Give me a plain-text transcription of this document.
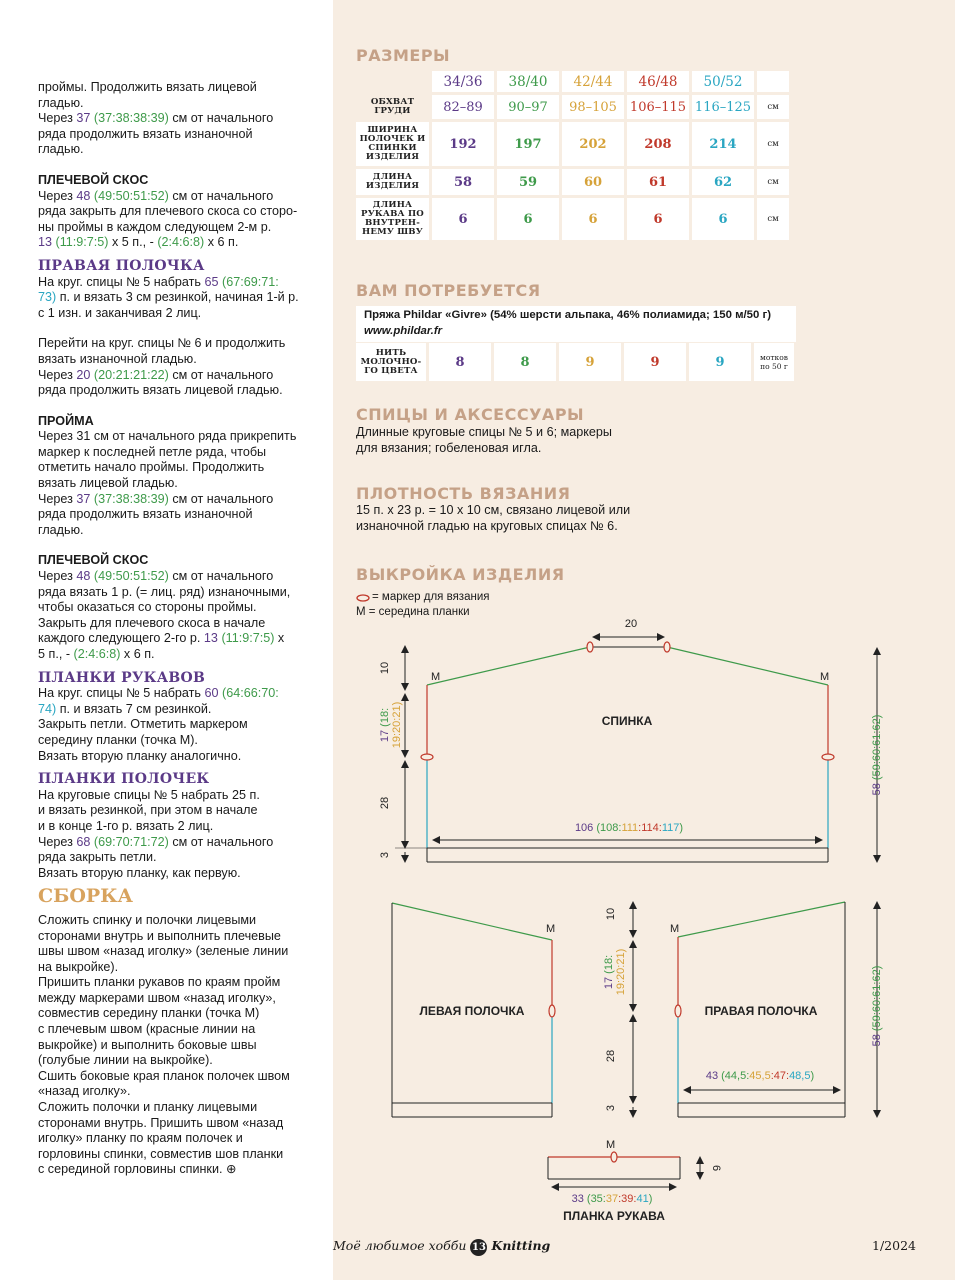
проймы. Продолжить вязать лицевой

гладью.

Через 37 (37:38:38:39) см от начального

ряда продолжить вязать изнаночной

гладью.

ПЛЕЧЕВОЙ СКОС

Через 48 (49:50:51:52) см от начального

ряда закрыть для плечевого скоса со сторо-

ны проймы в каждом следующем 2-м р.

13 (11:9:7:5) х 5 п., - (2:4:6:8) х 6 п.

ПРАВАЯ ПОЛОЧКА

На круг. спицы № 5 набрать 65 (67:69:71:

73) п. и вязать 3 см резинкой, начиная 1-й р.

с 1 изн. и заканчивая 2 лиц.

Перейти на круг. спицы № 6 и продолжить

вязать изнаночной гладью.

Через 20 (20:21:21:22) см от начального

ряда продолжить вязать лицевой гладью.

ПРОЙМА

Через 31 см от начального ряда прикрепить

маркер к последней петле ряда, чтобы

отметить начало проймы. Продолжить

вязать лицевой гладью.

Через 37 (37:38:38:39) см от начального

ряда продолжить вязать изнаночной

гладью.

ПЛЕЧЕВОЙ СКОС

Через 48 (49:50:51:52) см от начального

ряда вязать 1 р. (= лиц. ряд) изнаночными,

чтобы оказаться со стороны проймы.

Закрыть для плечевого скоса в начале

каждого следующего 2-го р. 13 (11:9:7:5) х

5 п., - (2:4:6:8) х 6 п.

ПЛАНКИ РУКАВОВ

На круг. спицы № 5 набрать 60 (64:66:70:

74) п. и вязать 7 см резинкой.

Закрыть петли. Отметить маркером

середину планки (точка М).

Вязать вторую планку аналогично.

ПЛАНКИ ПОЛОЧЕК

На круговые спицы № 5 набрать 25 п.

и вязать резинкой, при этом в начале

и в конце 1-го р. вязать 2 лиц.

Через 68 (69:70:71:72) см от начального

ряда закрыть петли.

Вязать вторую планку, как первую.

СБОРКА

Сложить спинку и полочки лицевыми

сторонами внутрь и выполнить плечевые

швы швом «назад иголку» (зеленые линии

на выкройке).

Пришить планки рукавов по краям пройм

между маркерами швом «назад иголку»,

совместив середину планки (точка М)

с плечевым швом (красные линии на

выкройке) и выполнить боковые швы

(голубые линии на выкройке).

Сшить боковые края планок полочек швом

«назад иголку».

Сложить полочки и планку лицевыми

сторонами внутрь. Пришить швом «назад

иголку» планку по краям полочек и

горловины спинки, совместив шов планки

с серединой горловины спинки. ⊕

РАЗМЕРЫ
	34/36	38/40	42/44	46/48	50/52	

ОБХВАТ
ГРУДИ	82–89	90–97	98–105	106–115	116–125	см

ШИРИНА
ПОЛОЧЕК И
СПИНКИ
ИЗДЕЛИЯ	192	197	202	208	214	см

ДЛИНА
ИЗДЕЛИЯ	58	59	60	61	62	см

ДЛИНА
РУКАВА ПО
ВНУТРЕН-
НЕМУ ШВУ	6	6	6	6	6	см
ВАМ ПОТРЕБУЕТСЯ
Пряжа Phildar «Givre» (54% шерсти альпака, 46% полиамида; 150 м/50 г)
www.phildar.fr
НИТЬ
МОЛОЧНО-
ГО ЦВЕТА
	8	8	9	9	9	мотков
по 50 г
СПИЦЫ И АКСЕССУАРЫ
Длинные круговые спицы № 5 и 6; маркеры
для вязания; гобеленовая игла.
ПЛОТНОСТЬ ВЯЗАНИЯ
15 п. х 23 р. = 10 х 10 см, связано лицевой или
изнаночной гладью на круговых спицах № 6.
ВЫКРОЙКА ИЗДЕЛИЯ
= маркер для вязания
М = середина планки
M	M
СПИНКА
20
106 (108:111:114:117)
10
17 (18: 19:20:21)
28
3
58 (59:60:61:62)
M
ЛЕВАЯ ПОЛОЧКА
M
ПРАВАЯ ПОЛОЧКА
43 (44,5:45,5:47:48,5)
10
17 (18: 19:20:21)
28
3
58 (59:60:61:62)
M
6
33 (35:37:39:41)
ПЛАНКА РУКАВА
Моё любимое хобби 13 Knitting	1/2024
